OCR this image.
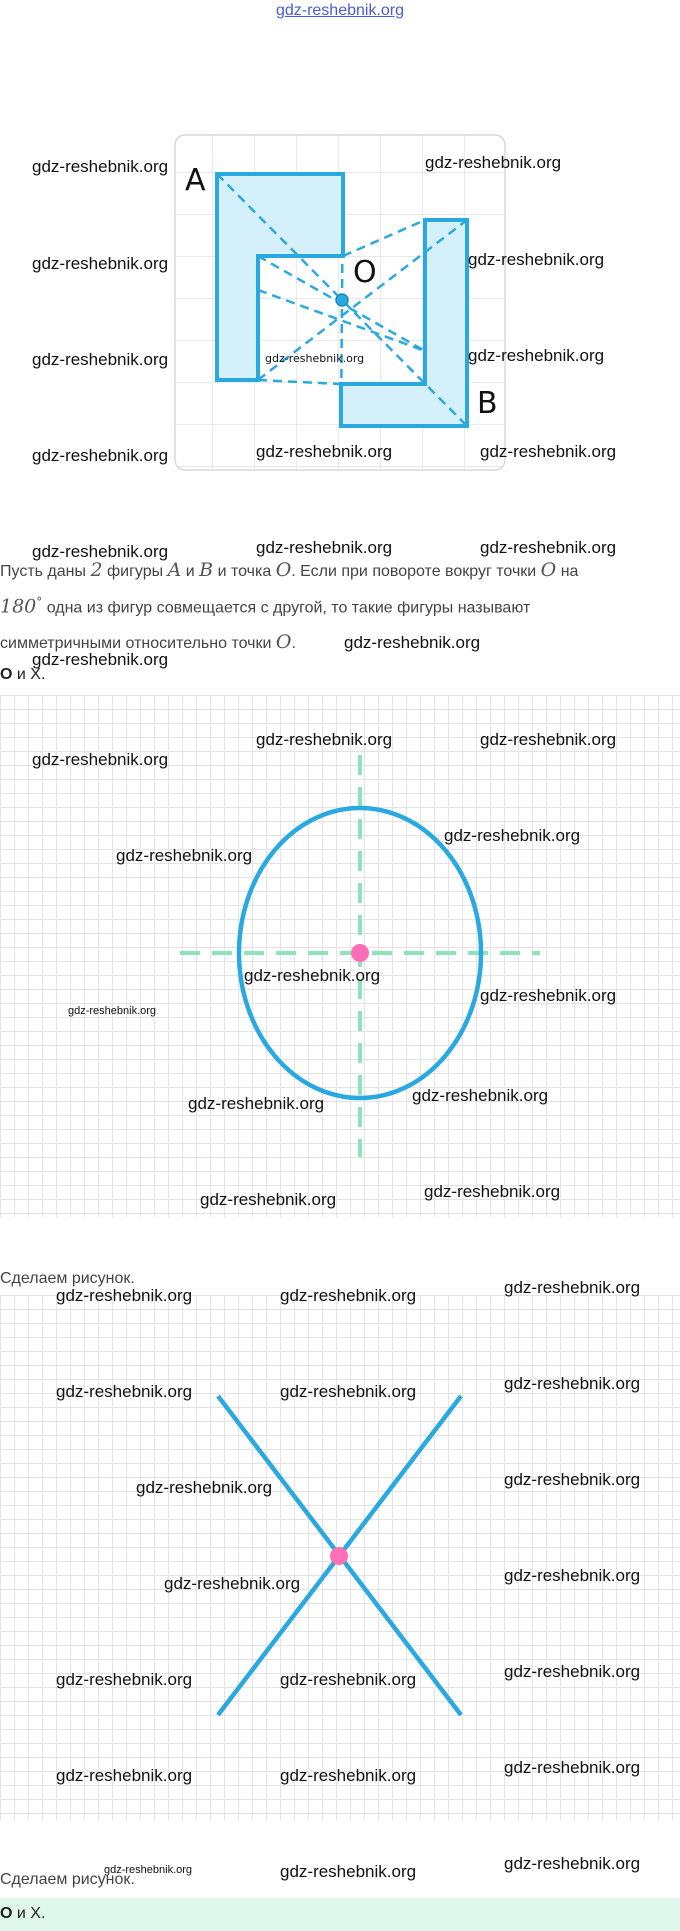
gdz-reshebnik.org
A
O
B
gdz-reshebnik.org
Пусть даны 2 фигуры A и B и точка O. Если при повороте вокруг точки O на
180° одна из фигур совмещается с другой, то такие фигуры называют
симметричными относительно точки O.
О и Х.
Сделаем рисунок.
Сделаем рисунок.
О и Х.
gdz-reshebnik.org	gdz-reshebnik.org
gdz-reshebnik.org	gdz-reshebnik.org
gdz-reshebnik.org	gdz-reshebnik.org
gdz-reshebnik.org	gdz-reshebnik.org	gdz-reshebnik.org
gdz-reshebnik.org	gdz-reshebnik.org	gdz-reshebnik.org
gdz-reshebnik.org
gdz-reshebnik.org
gdz-reshebnik.org	gdz-reshebnik.org
gdz-reshebnik.org
gdz-reshebnik.org
gdz-reshebnik.org
gdz-reshebnik.org
gdz-reshebnik.org
gdz-reshebnik.org
gdz-reshebnik.org
gdz-reshebnik.org
gdz-reshebnik.org
gdz-reshebnik.org
gdz-reshebnik.org	gdz-reshebnik.org	gdz-reshebnik.org
gdz-reshebnik.org	gdz-reshebnik.org	gdz-reshebnik.org
gdz-reshebnik.org	gdz-reshebnik.org
gdz-reshebnik.org	gdz-reshebnik.org
gdz-reshebnik.org	gdz-reshebnik.org	gdz-reshebnik.org
gdz-reshebnik.org	gdz-reshebnik.org	gdz-reshebnik.org
gdz-reshebnik.org	gdz-reshebnik.org	gdz-reshebnik.org
